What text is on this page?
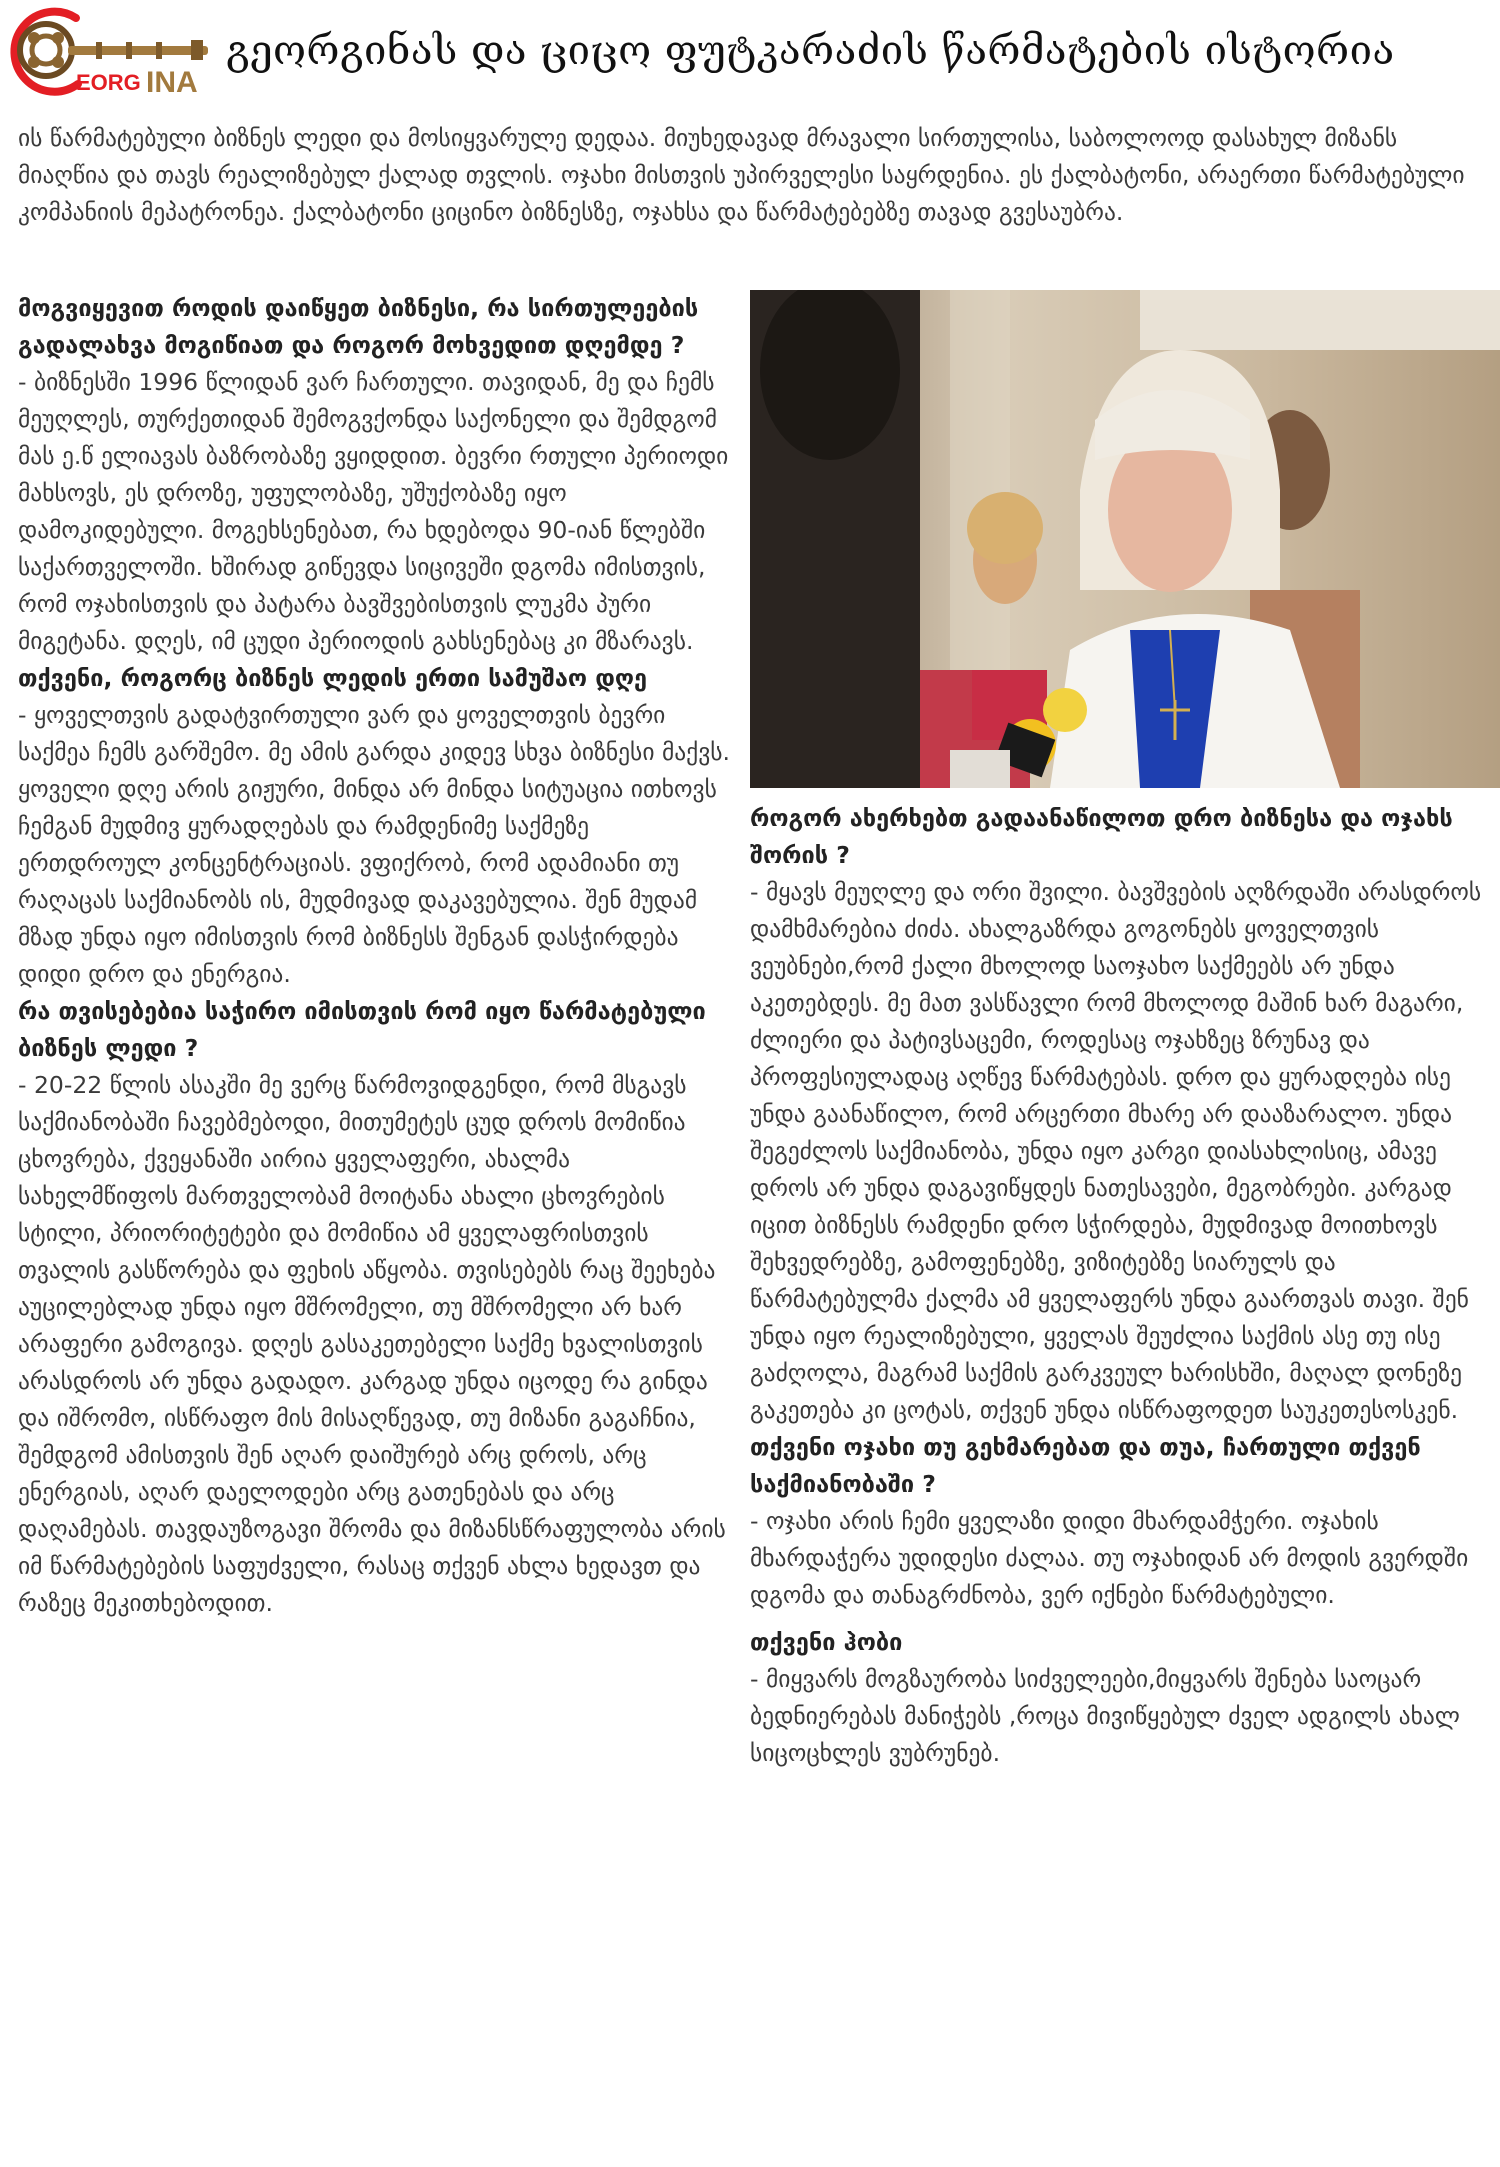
EORG INA
გეორგინას და ციცო ფუტკარაძის წარმატების ისტორია

ის წარმატებული ბიზნეს ლედი და მოსიყვარულე დედაა. მიუხედავად მრავალი სირთულისა, საბოლოოდ დასახულ მიზანს მიაღწია და თავს რეალიზებულ ქალად თვლის. ოჯახი მისთვის უპირველესი საყრდენია. ეს ქალბატონი, არაერთი წარმატებული კომპანიის მეპატრონეა. ქალბატონი ციცინო ბიზნესზე, ოჯახსა და წარმატებებზე თავად გვესაუბრა.

მოგვიყევით როდის დაიწყეთ ბიზნესი, რა სირთულეების გადალახვა მოგიწიათ და როგორ მოხვედით დღემდე ?

- ბიზნესში 1996 წლიდან ვარ ჩართული. თავიდან, მე და ჩემს მეუღლეს, თურქეთიდან შემოგვქონდა საქონელი და შემდგომ მას ე.წ ელიავას ბაზრობაზე ვყიდდით. ბევრი რთული პერიოდი მახსოვს, ეს დროზე, უფულობაზე, უშუქობაზე იყო დამოკიდებული. მოგეხსენებათ, რა ხდებოდა 90-იან წლებში საქართველოში. ხშირად გიწევდა სიცივეში დგომა იმისთვის, რომ ოჯახისთვის და პატარა ბავშვებისთვის ლუკმა პური მიგეტანა. დღეს, იმ ცუდი პერიოდის გახსენებაც კი მზარავს.

თქვენი, როგორც ბიზნეს ლედის ერთი სამუშაო დღე

- ყოველთვის გადატვირთული ვარ და ყოველთვის ბევრი საქმეა ჩემს გარშემო. მე ამის გარდა კიდევ სხვა ბიზნესი მაქვს. ყოველი დღე არის გიჟური, მინდა არ მინდა სიტუაცია ითხოვს ჩემგან მუდმივ ყურადღებას და რამდენიმე საქმეზე ერთდროულ კონცენტრაციას. ვფიქრობ, რომ ადამიანი თუ რაღაცას საქმიანობს ის, მუდმივად დაკავებულია. შენ მუდამ მზად უნდა იყო იმისთვის რომ ბიზნესს შენგან დასჭირდება დიდი დრო და ენერგია.

რა თვისებებია საჭირო იმისთვის რომ იყო წარმატებული ბიზნეს ლედი ?

- 20-22 წლის ასაკში მე ვერც წარმოვიდგენდი, რომ მსგავს საქმიანობაში ჩავებმებოდი, მითუმეტეს ცუდ დროს მომიწია ცხოვრება, ქვეყანაში აირია ყველაფერი, ახალმა სახელმწიფოს მართველობამ მოიტანა ახალი ცხოვრების სტილი, პრიორიტეტები და მომიწია ამ ყველაფრისთვის თვალის გასწორება და ფეხის აწყობა. თვისებებს რაც შეეხება აუცილებლად უნდა იყო მშრომელი, თუ მშრომელი არ ხარ არაფერი გამოგივა. დღეს გასაკეთებელი საქმე ხვალისთვის არასდროს არ უნდა გადადო. კარგად უნდა იცოდე რა გინდა და იშრომო, ისწრაფო მის მისაღწევად, თუ მიზანი გაგაჩნია, შემდგომ ამისთვის შენ აღარ დაიშურებ არც დროს, არც ენერგიას, აღარ დაელოდები არც გათენებას და არც დაღამებას. თავდაუზოგავი შრომა და მიზანსწრაფულობა არის იმ წარმატებების საფუძველი, რასაც თქვენ ახლა ხედავთ და რაზეც მეკითხებოდით.

როგორ ახერხებთ გადაანაწილოთ დრო ბიზნესა და ოჯახს შორის ?

- მყავს მეუღლე და ორი შვილი. ბავშვების აღზრდაში არასდროს დამხმარებია ძიძა. ახალგაზრდა გოგონებს ყოველთვის ვეუბნები,რომ ქალი მხოლოდ საოჯახო საქმეებს არ უნდა აკეთებდეს. მე მათ ვასწავლი რომ მხოლოდ მაშინ ხარ მაგარი, ძლიერი და პატივსაცემი, როდესაც ოჯახზეც ზრუნავ და პროფესიულადაც აღწევ წარმატებას. დრო და ყურადღება ისე უნდა გაანაწილო, რომ არცერთი მხარე არ დააზარალო. უნდა შეგეძლოს საქმიანობა, უნდა იყო კარგი დიასახლისიც, ამავე დროს არ უნდა დაგავიწყდეს ნათესავები, მეგობრები. კარგად იცით ბიზნესს რამდენი დრო სჭირდება, მუდმივად მოითხოვს შეხვედრებზე, გამოფენებზე, ვიზიტებზე სიარულს და წარმატებულმა ქალმა ამ ყველაფერს უნდა გაართვას თავი. შენ უნდა იყო რეალიზებული, ყველას შეუძლია საქმის ასე თუ ისე გაძღოლა, მაგრამ საქმის გარკვეულ ხარისხში, მაღალ დონეზე გაკეთება კი ცოტას, თქვენ უნდა ისწრაფოდეთ საუკეთესოსკენ.

თქვენი ოჯახი თუ გეხმარებათ და თუა, ჩართული თქვენ საქმიანობაში ?

- ოჯახი არის ჩემი ყველაზი დიდი მხარდამჭერი. ოჯახის მხარდაჭერა უდიდესი ძალაა. თუ ოჯახიდან არ მოდის გვერდში დგომა და თანაგრძნობა, ვერ იქნები წარმატებული.

თქვენი ჰობი

- მიყვარს მოგზაურობა სიძველეები,მიყვარს შენება საოცარ ბედნიერებას მანიჭებს ,როცა მივიწყებულ ძველ ადგილს ახალ სიცოცხლეს ვუბრუნებ.
